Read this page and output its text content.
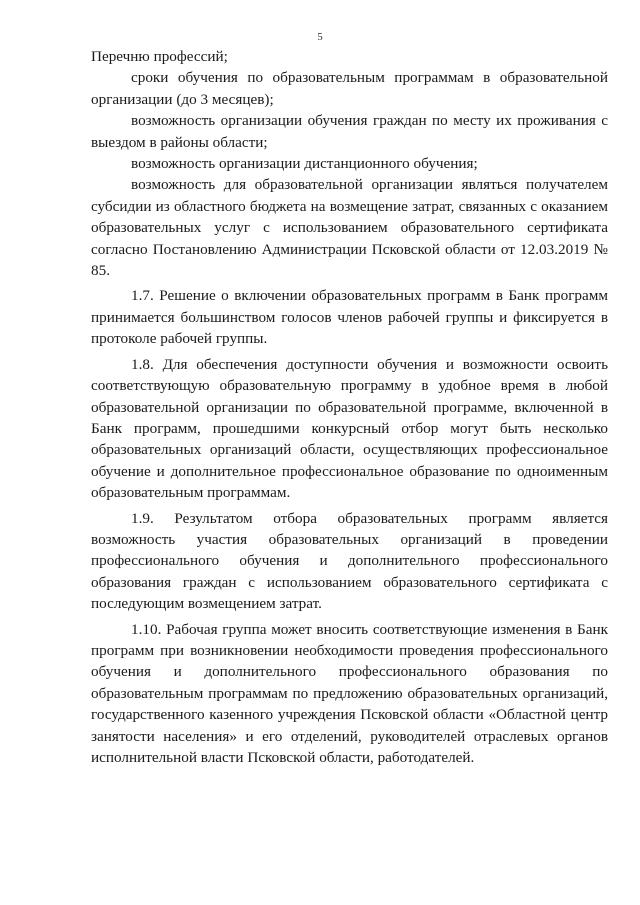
5

Перечню профессий;

сроки обучения по образовательным программам в образовательной организации (до 3 месяцев);

возможность организации обучения граждан по месту их проживания с выездом в районы области;

возможность организации дистанционного обучения;

возможность для образовательной организации являться получателем субсидии из областного бюджета на возмещение затрат, связанных с оказанием образовательных услуг с использованием образовательного сертификата согласно Постановлению Администрации Псковской области от 12.03.2019 № 85.

1.7. Решение о включении образовательных программ в Банк программ принимается большинством голосов членов рабочей группы и фиксируется в протоколе рабочей группы.

1.8. Для обеспечения доступности обучения и возможности освоить соответствующую образовательную программу в удобное время в любой образовательной организации по образовательной программе, включенной в Банк программ, прошедшими конкурсный отбор могут быть несколько образовательных организаций области, осуществляющих профессиональное обучение и дополнительное профессиональное образование по одноименным образовательным программам.

1.9. Результатом отбора образовательных программ является возможность участия образовательных организаций в проведении профессионального обучения и дополнительного профессионального образования граждан с использованием образовательного сертификата с последующим возмещением затрат.

1.10. Рабочая группа может вносить соответствующие изменения в Банк программ при возникновении необходимости проведения профессионального обучения и дополнительного профессионального образования по образовательным программам по предложению образовательных организаций, государственного казенного учреждения Псковской области «Областной центр занятости населения» и его отделений, руководителей отраслевых органов исполнительной власти Псковской области, работодателей.
